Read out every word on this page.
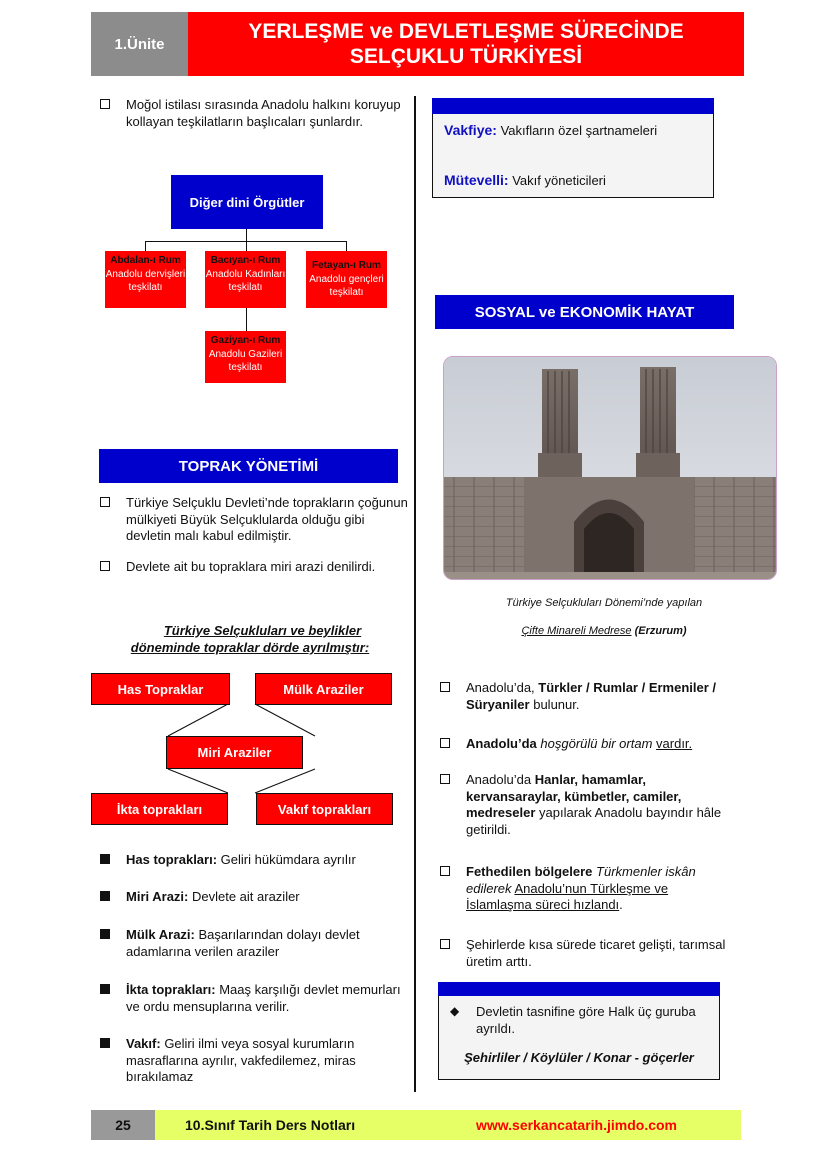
1.Ünite
YERLEŞME ve DEVLETLEŞME SÜRECİNDE
SELÇUKLU TÜRKİYESİ
Moğol istilası sırasında Anadolu halkını koruyup kollayan teşkilatların başlıcaları şunlardır.
Diğer dini Örgütler
Abdalan-ı Rum
Anadolu dervişleri teşkilatı
Bacıyan-ı Rum
Anadolu Kadınları teşkilatı
Fetayan-ı Rum
Anadolu gençleri teşkilatı
Gaziyan-ı Rum
Anadolu Gazileri teşkilatı
TOPRAK YÖNETİMİ
Türkiye Selçuklu Devleti’nde toprakların çoğunun mülkiyeti Büyük Selçuklularda olduğu gibi devletin malı kabul edilmiştir.
Devlete ait bu topraklara miri arazi denilirdi.
Türkiye Selçukluları ve beylikler
döneminde topraklar dörde ayrılmıştır:
Has Topraklar	Mülk Araziler
Miri Araziler
İkta toprakları	Vakıf toprakları
Has toprakları: Geliri hükümdara ayrılır
Miri Arazi: Devlete ait araziler
Mülk Arazi: Başarılarından dolayı devlet adamlarına verilen araziler
İkta toprakları: Maaş karşılığı devlet memurları ve ordu mensuplarına verilir.
Vakıf: Geliri ilmi veya sosyal kurumların masraflarına ayrılır, vakfedilemez, miras bırakılamaz
Vakfiye: Vakıfların özel şartnameleri
Mütevelli: Vakıf yöneticileri
SOSYAL ve EKONOMİK HAYAT
Türkiye Selçukluları Dönemi’nde yapılan
Çifte Minareli Medrese (Erzurum)
Anadolu’da, Türkler / Rumlar / Ermeniler / Süryaniler bulunur.
Anadolu’da hoşgörülü bir ortam vardır.
Anadolu’da Hanlar, hamamlar, kervansaraylar, kümbetler, camiler, medreseler yapılarak Anadolu bayındır hâle getirildi.
Fethedilen bölgelere Türkmenler iskân edilerek Anadolu’nun Türkleşme ve İslamlaşma süreci hızlandı.
Şehirlerde kısa sürede ticaret gelişti, tarımsal üretim arttı.
◆ Devletin tasnifine göre Halk üç guruba ayrıldı.
Şehirliler / Köylüler / Konar - göçerler
25	10.Sınıf Tarih Ders Notları	www.serkancatarih.jimdo.com
